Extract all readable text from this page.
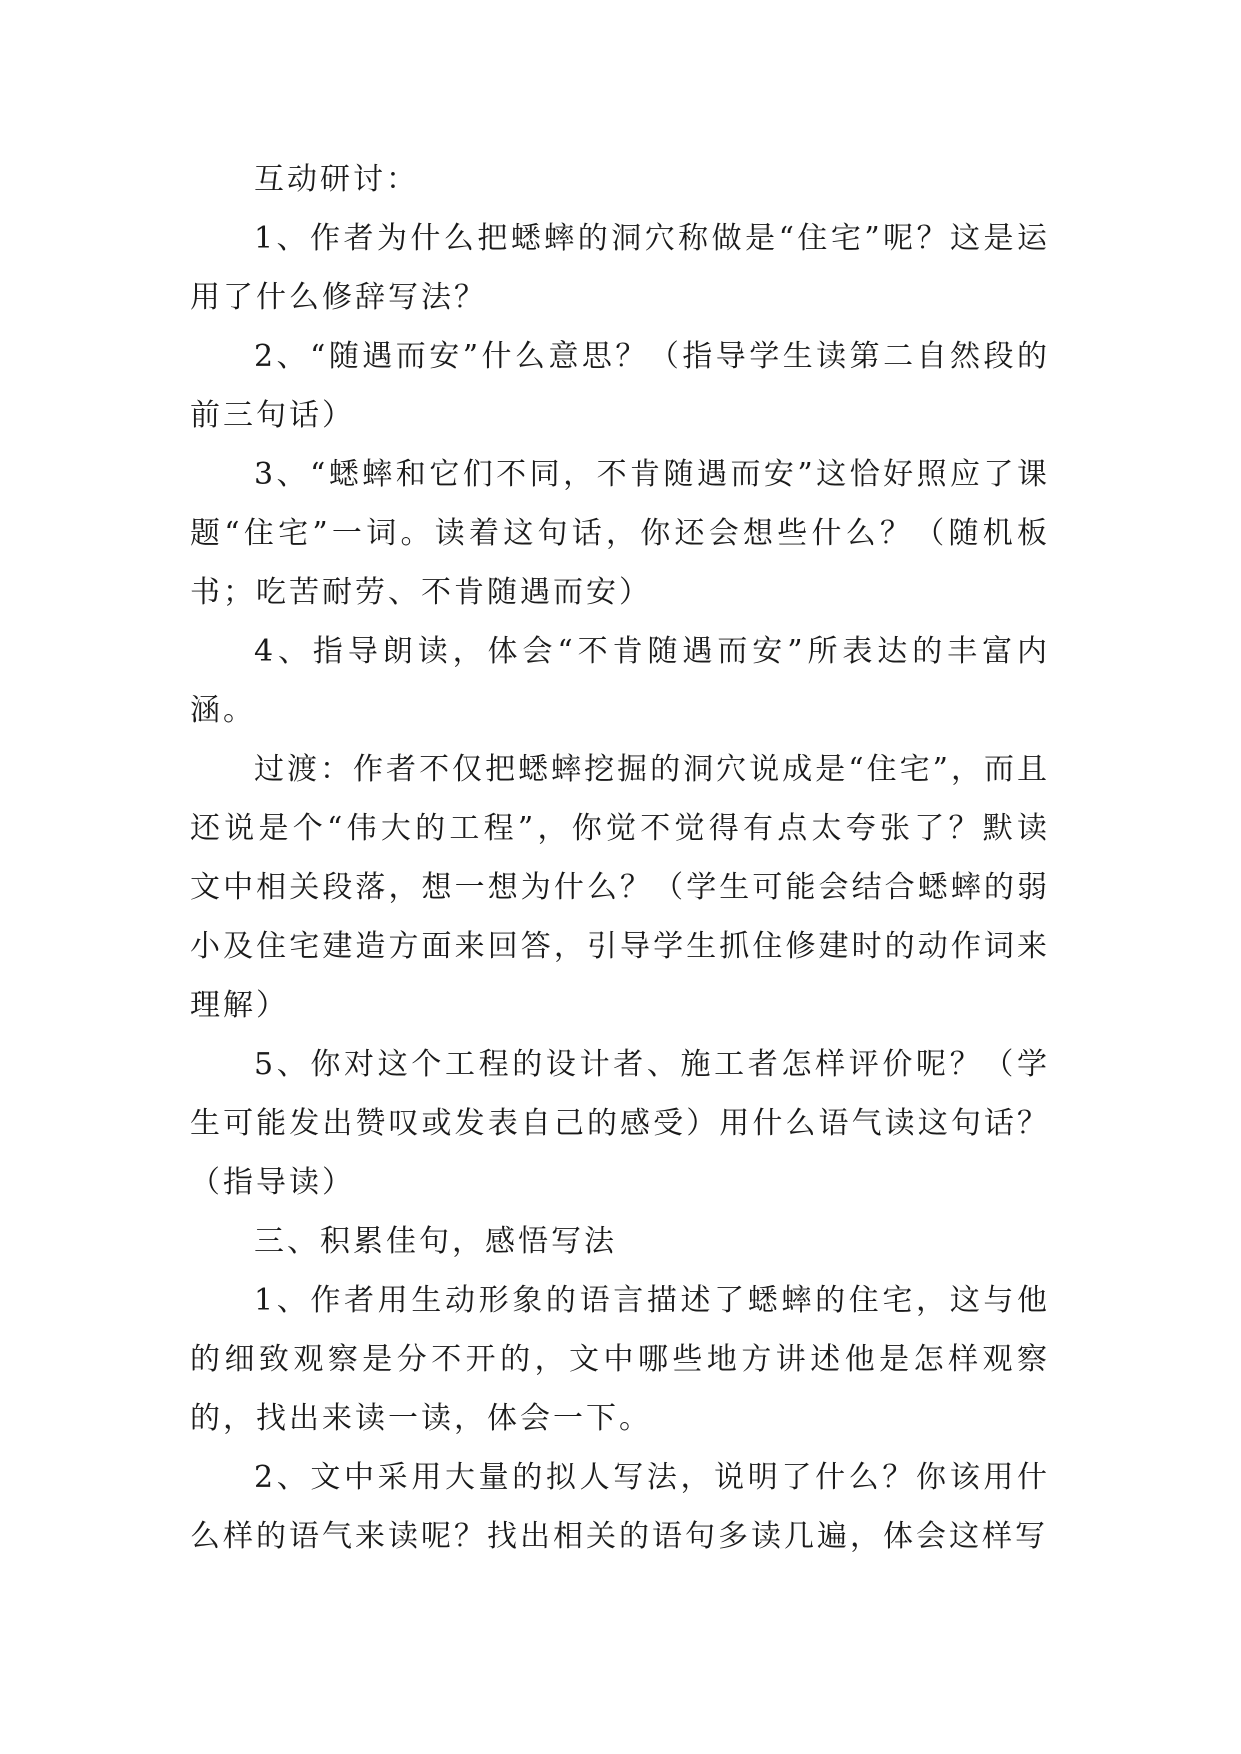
互动研讨：

1、作者为什么把蟋蟀的洞穴称做是“住宅”呢？这是运用了什么修辞写法？

2、“随遇而安”什么意思？（指导学生读第二自然段的前三句话）

3、“蟋蟀和它们不同，不肯随遇而安”这恰好照应了课题“住宅”一词。读着这句话，你还会想些什么？（随机板书；吃苦耐劳、不肯随遇而安）

4、指导朗读，体会“不肯随遇而安”所表达的丰富内涵。

过渡：作者不仅把蟋蟀挖掘的洞穴说成是“住宅”，而且还说是个“伟大的工程”，你觉不觉得有点太夸张了？默读文中相关段落，想一想为什么？（学生可能会结合蟋蟀的弱小及住宅建造方面来回答，引导学生抓住修建时的动作词来理解）

5、你对这个工程的设计者、施工者怎样评价呢？（学生可能发出赞叹或发表自己的感受）用什么语气读这句话？（指导读）

三、积累佳句，感悟写法

1、作者用生动形象的语言描述了蟋蟀的住宅，这与他的细致观察是分不开的，文中哪些地方讲述他是怎样观察的，找出来读一读，体会一下。

2、文中采用大量的拟人写法，说明了什么？你该用什么样的语气来读呢？找出相关的语句多读几遍，体会这样写
